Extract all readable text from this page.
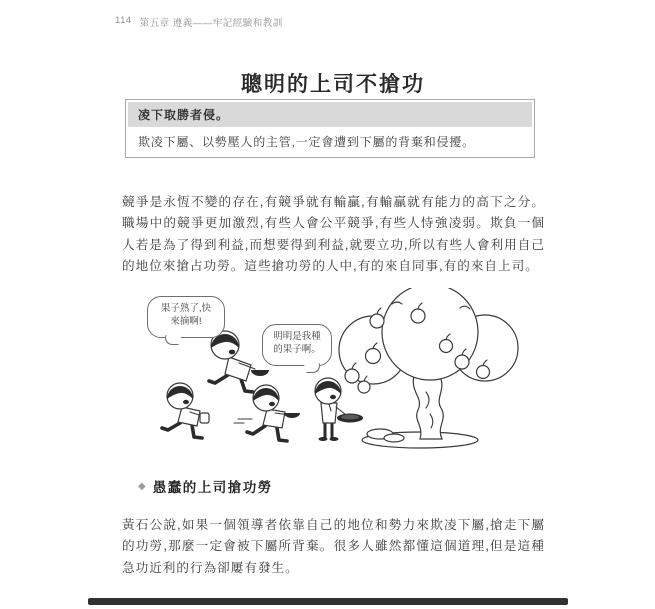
114 第五章 遵義——牢記經驗和教訓
聰明的上司不搶功
凌下取勝者侵。
欺凌下屬、以勢壓人的主管,一定會遭到下屬的背棄和侵擾。

競爭是永恆不變的存在,有競爭就有輸贏,有輸贏就有能力的高下之分。職場中的競爭更加激烈,有些人會公平競爭,有些人恃強凌弱。欺負一個人若是為了得到利益,而想要得到利益,就要立功,所以有些人會利用自己的地位來搶占功勞。這些搶功勞的人中,有的來自同事,有的來自上司。

果子熟了,快
來摘啊!
明明是我種
的果子啊。
◆ 愚蠢的上司搶功勞

黃石公說,如果一個領導者依靠自己的地位和勢力來欺凌下屬,搶走下屬的功勞,那麼一定會被下屬所背棄。很多人雖然都懂這個道理,但是這種急功近利的行為卻屢有發生。
